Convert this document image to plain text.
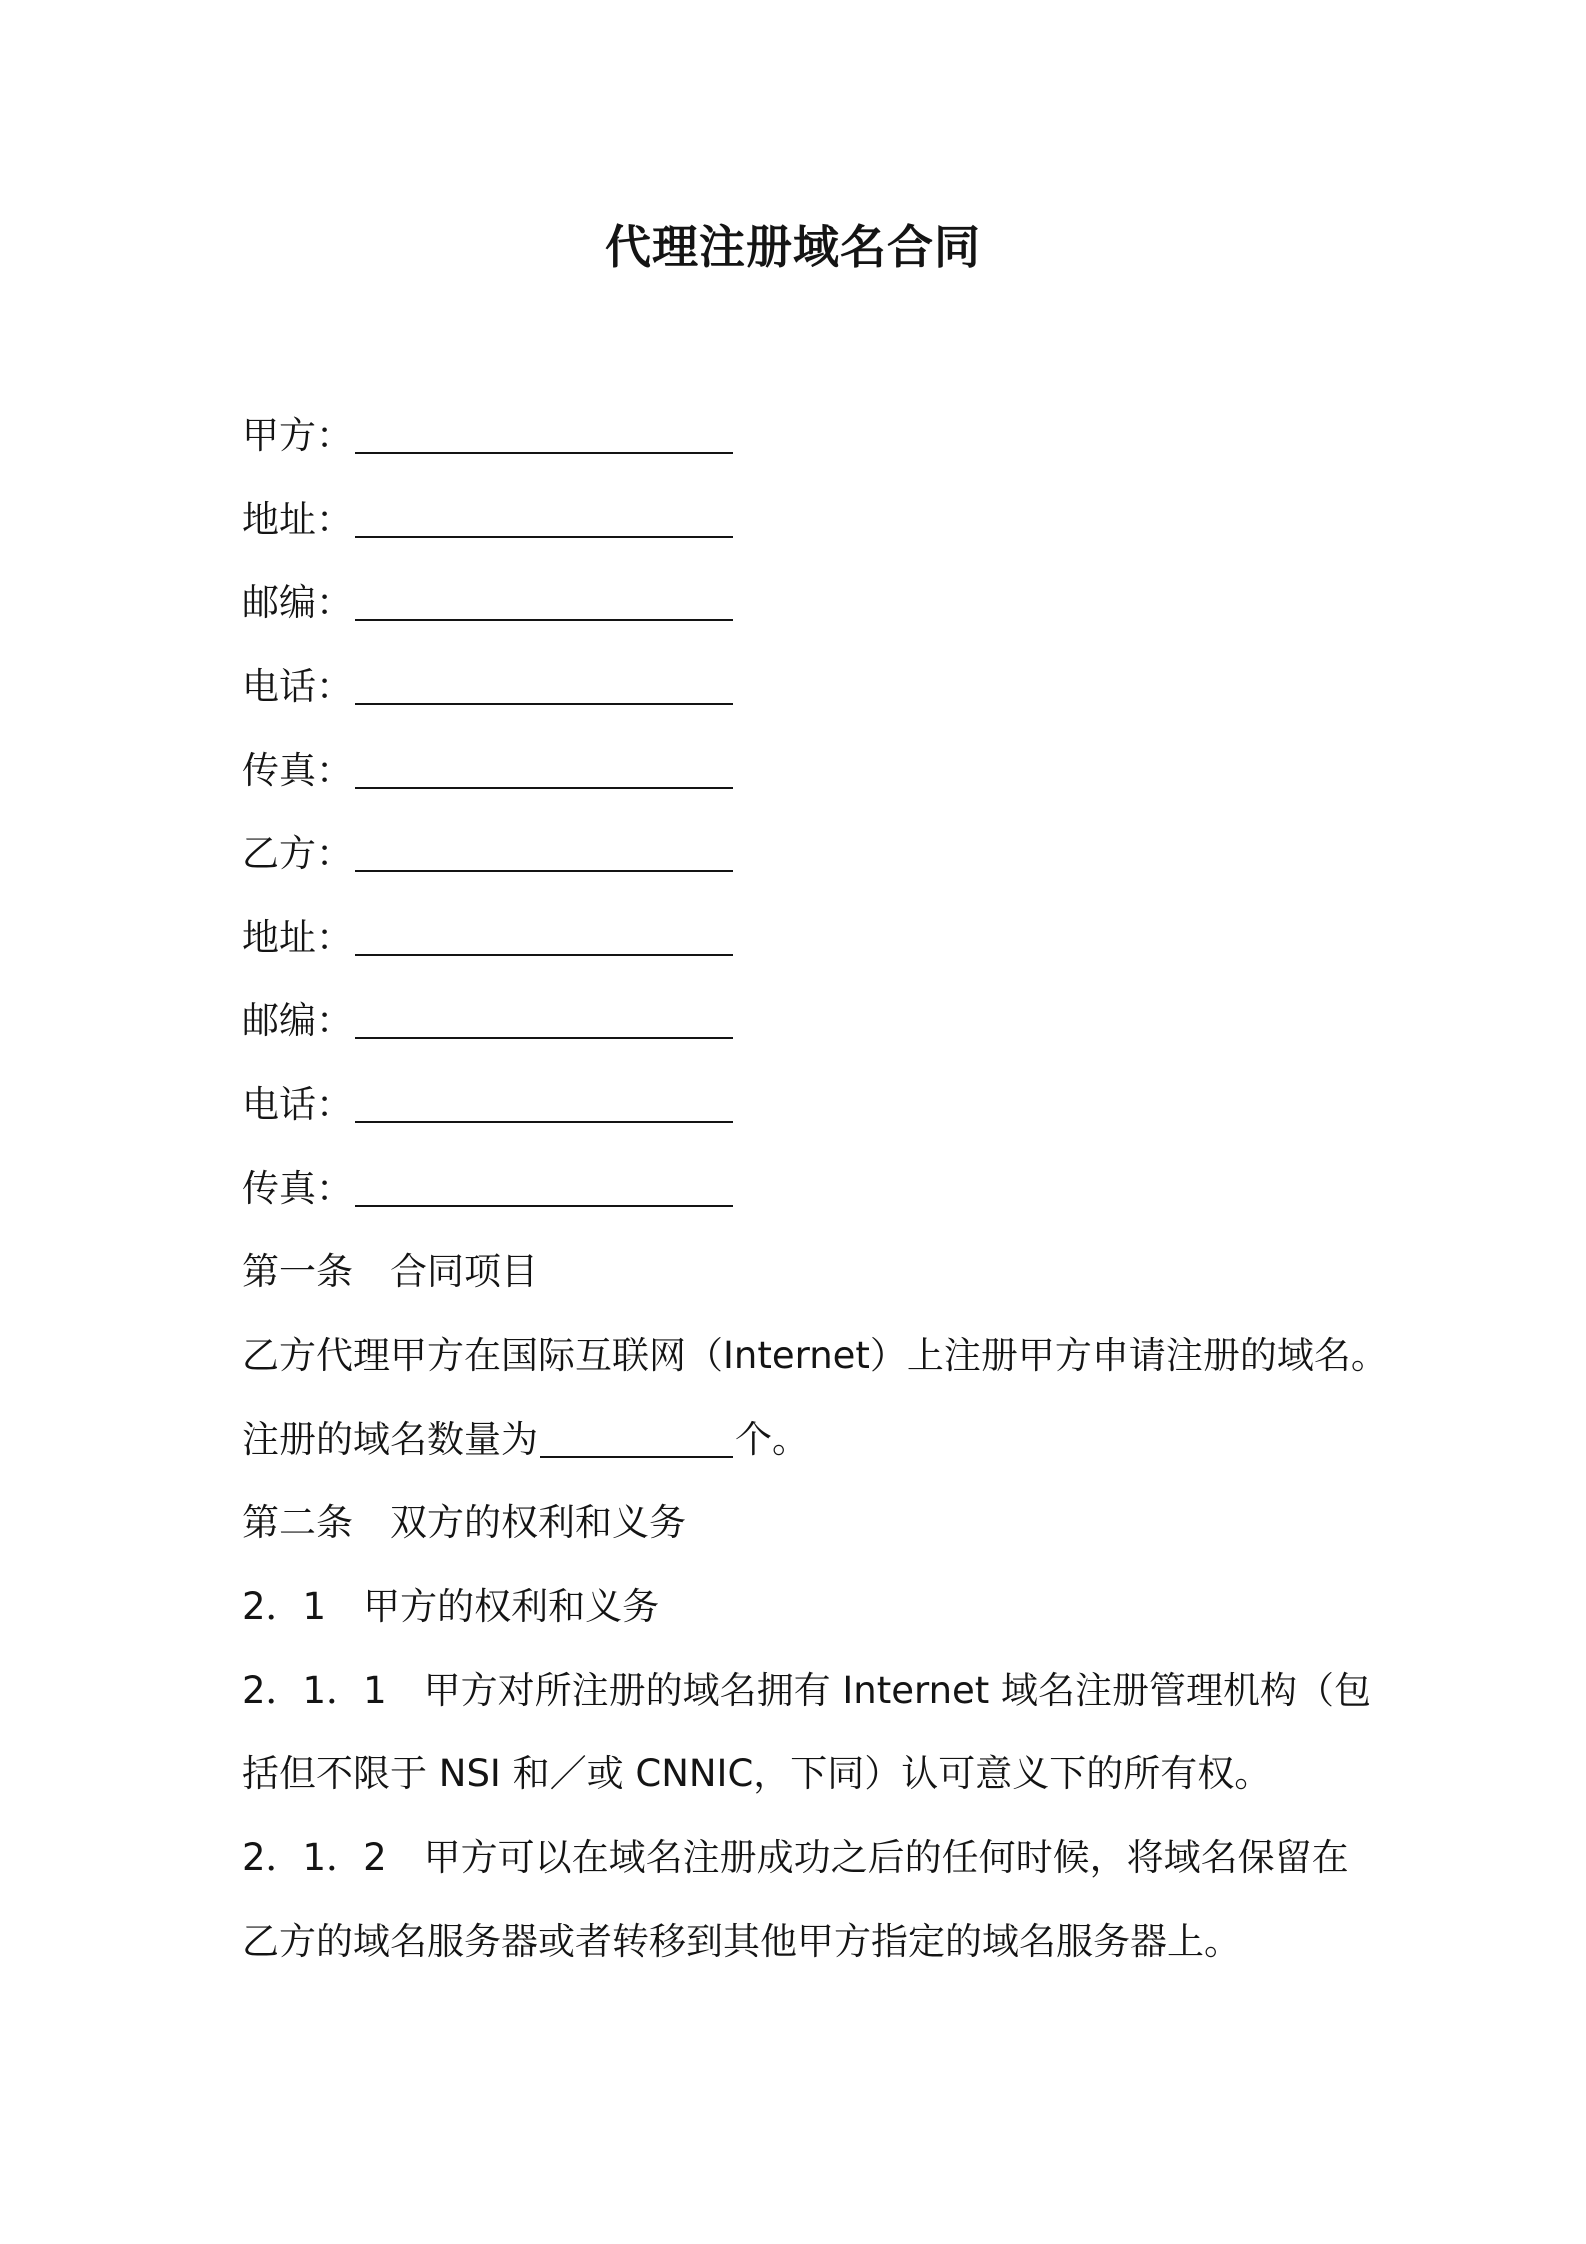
代理注册域名合同
甲方：
地址：
邮编：
电话：
传真：
乙方：
地址：
邮编：
电话：
传真：
第一条　合同项目
乙方代理甲方在国际互联网（Internet）上注册甲方申请注册的域名。
注册的域名数量为	个。
第二条　双方的权利和义务
2．1　甲方的权利和义务
2．1．1　甲方对所注册的域名拥有 Internet 域名注册管理机构（包
括但不限于 NSI 和／或 CNNIC，下同）认可意义下的所有权。
2．1．2　甲方可以在域名注册成功之后的任何时候，将域名保留在
乙方的域名服务器或者转移到其他甲方指定的域名服务器上。
